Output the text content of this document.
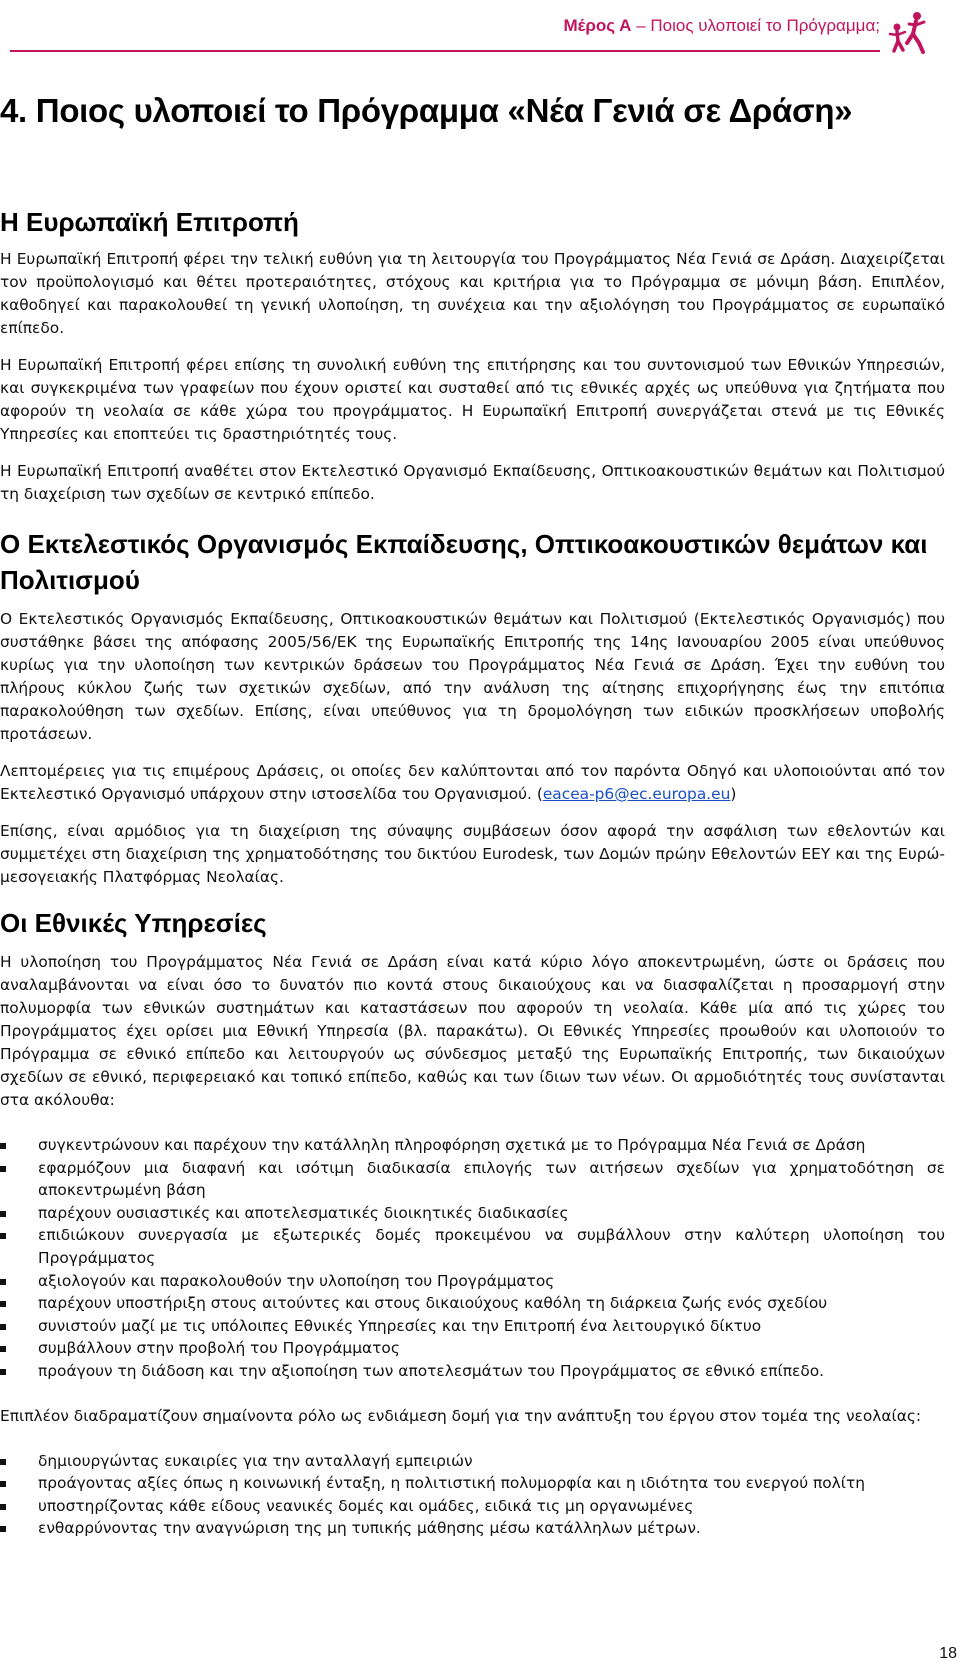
Μέρος Α – Ποιος υλοποιεί το Πρόγραμμα;
4. Ποιος υλοποιεί το Πρόγραμμα «Νέα Γενιά σε Δράση»
Η Ευρωπαϊκή Επιτροπή

Η Ευρωπαϊκή Επιτροπή φέρει την τελική ευθύνη για τη λειτουργία του Προγράμματος Νέα Γενιά σε Δράση. Διαχειρίζεται τον προϋπολογισμό και θέτει προτεραιότητες, στόχους και κριτήρια για το Πρόγραμμα σε μόνιμη βάση. Επιπλέον, καθοδηγεί και παρακολουθεί τη γενική υλοποίηση, τη συνέχεια και την αξιολόγηση του Προγράμματος σε ευρωπαϊκό επίπεδο.

Η Ευρωπαϊκή Επιτροπή φέρει επίσης τη συνολική ευθύνη της επιτήρησης και του συντονισμού των Εθνικών Υπηρεσιών, και συγκεκριμένα των γραφείων που έχουν οριστεί και συσταθεί από τις εθνικές αρχές ως υπεύθυνα για ζητήματα που αφορούν τη νεολαία σε κάθε χώρα του προγράμματος. Η Ευρωπαϊκή Επιτροπή συνεργάζεται στενά με τις Εθνικές Υπηρεσίες και εποπτεύει τις δραστηριότητές τους.

Η Ευρωπαϊκή Επιτροπή αναθέτει στον Εκτελεστικό Οργανισμό Εκπαίδευσης, Οπτικοακουστικών θεμάτων και Πολιτισμού τη διαχείριση των σχεδίων σε κεντρικό επίπεδο.

Ο Εκτελεστικός Οργανισμός Εκπαίδευσης, Οπτικοακουστικών θεμάτων και Πολιτισμού

Ο Εκτελεστικός Οργανισμός Εκπαίδευσης, Οπτικοακουστικών θεμάτων και Πολιτισμού (Εκτελεστικός Οργανισμός) που συστάθηκε βάσει της απόφασης 2005/56/ΕΚ της Ευρωπαϊκής Επιτροπής της 14ης Ιανουαρίου 2005 είναι υπεύθυνος κυρίως για την υλοποίηση των κεντρικών δράσεων του Προγράμματος Νέα Γενιά σε Δράση. Έχει την ευθύνη του πλήρους κύκλου ζωής των σχετικών σχεδίων, από την ανάλυση της αίτησης επιχορήγησης έως την επιτόπια παρακολούθηση των σχεδίων. Επίσης, είναι υπεύθυνος για τη δρομολόγηση των ειδικών προσκλήσεων υποβολής προτάσεων.

Λεπτομέρειες για τις επιμέρους Δράσεις, οι οποίες δεν καλύπτονται από τον παρόντα Οδηγό και υλοποιούνται από τον Εκτελεστικό Οργανισμό υπάρχουν στην ιστοσελίδα του Οργανισμού. (eacea-p6@ec.europa.eu)

Επίσης, είναι αρμόδιος για τη διαχείριση της σύναψης συμβάσεων όσον αφορά την ασφάλιση των εθελοντών και συμμετέχει στη διαχείριση της χρηματοδότησης του δικτύου Eurodesk, των Δομών πρώην Εθελοντών ΕΕΥ και της Ευρώ-μεσογειακής Πλατφόρμας Νεολαίας.

Οι Εθνικές Υπηρεσίες

Η υλοποίηση του Προγράμματος Νέα Γενιά σε Δράση είναι κατά κύριο λόγο αποκεντρωμένη, ώστε οι δράσεις που αναλαμβάνονται να είναι όσο το δυνατόν πιο κοντά στους δικαιούχους και να διασφαλίζεται η προσαρμογή στην πολυμορφία των εθνικών συστημάτων και καταστάσεων που αφορούν τη νεολαία. Κάθε μία από τις χώρες του Προγράμματος έχει ορίσει μια Εθνική Υπηρεσία (βλ. παρακάτω). Οι Εθνικές Υπηρεσίες προωθούν και υλοποιούν το Πρόγραμμα σε εθνικό επίπεδο και λειτουργούν ως σύνδεσμος μεταξύ της Ευρωπαϊκής Επιτροπής, των δικαιούχων σχεδίων σε εθνικό, περιφερειακό και τοπικό επίπεδο, καθώς και των ίδιων των νέων. Οι αρμοδιότητές τους συνίστανται στα ακόλουθα:

συγκεντρώνουν και παρέχουν την κατάλληλη πληροφόρηση σχετικά με το Πρόγραμμα Νέα Γενιά σε Δράση
εφαρμόζουν μια διαφανή και ισότιμη διαδικασία επιλογής των αιτήσεων σχεδίων για χρηματοδότηση σε αποκεντρωμένη βάση
παρέχουν ουσιαστικές και αποτελεσματικές διοικητικές διαδικασίες
επιδιώκουν συνεργασία με εξωτερικές δομές προκειμένου να συμβάλλουν στην καλύτερη υλοποίηση του Προγράμματος
αξιολογούν και παρακολουθούν την υλοποίηση του Προγράμματος
παρέχουν υποστήριξη στους αιτούντες και στους δικαιούχους καθόλη τη διάρκεια ζωής ενός σχεδίου
συνιστούν μαζί με τις υπόλοιπες Εθνικές Υπηρεσίες και την Επιτροπή ένα λειτουργικό δίκτυο
συμβάλλουν στην προβολή του Προγράμματος
προάγουν τη διάδοση και την αξιοποίηση των αποτελεσμάτων του Προγράμματος σε εθνικό επίπεδο.

Επιπλέον διαδραματίζουν σημαίνοντα ρόλο ως ενδιάμεση δομή για την ανάπτυξη του έργου στον τομέα της νεολαίας:

δημιουργώντας ευκαιρίες για την ανταλλαγή εμπειριών
προάγοντας αξίες όπως η κοινωνική ένταξη, η πολιτιστική πολυμορφία και η ιδιότητα του ενεργού πολίτη
υποστηρίζοντας κάθε είδους νεανικές δομές και ομάδες, ειδικά τις μη οργανωμένες
ενθαρρύνοντας την αναγνώριση της μη τυπικής μάθησης μέσω κατάλληλων μέτρων.
18
